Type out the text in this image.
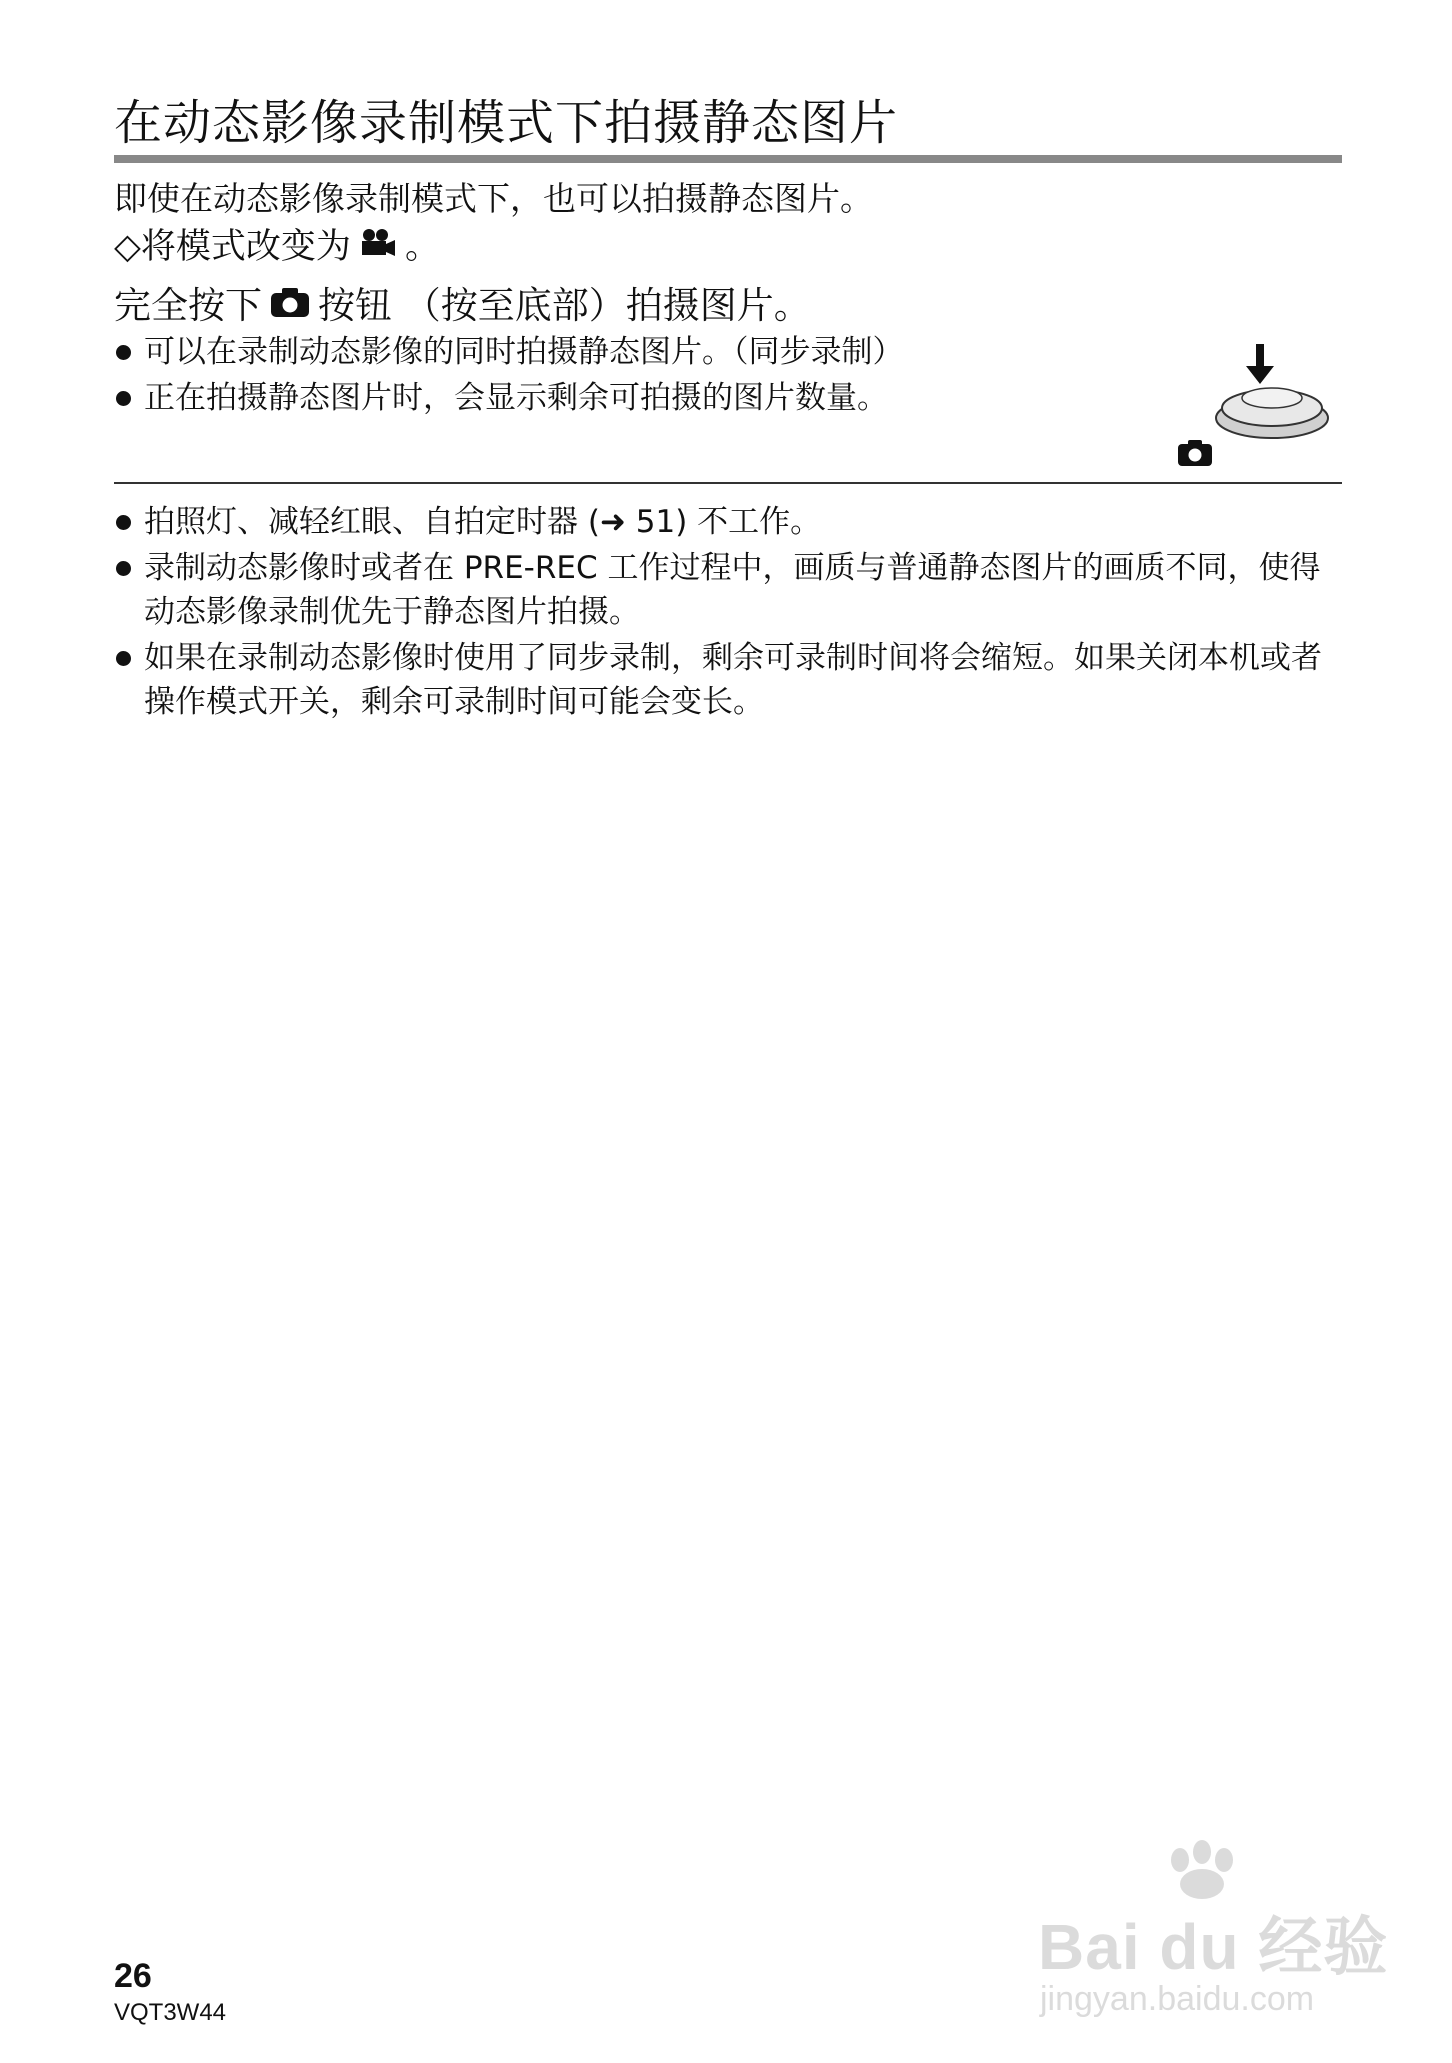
在动态影像录制模式下拍摄静态图片
即使在动态影像录制模式下，也可以拍摄静态图片。
◇ 将模式改变为 。
完全按下 按钮 （按至底部）拍摄图片。
可以在录制动态影像的同时拍摄静态图片。（同步录制）
正在拍摄静态图片时，会显示剩余可拍摄的图片数量。
拍照灯、减轻红眼、自拍定时器 (➜ 51) 不工作。
录制动态影像时或者在 PRE-REC 工作过程中，画质与普通静态图片的画质不同，使得动态影像录制优先于静态图片拍摄。
如果在录制动态影像时使用了同步录制，剩余可录制时间将会缩短。如果关闭本机或者操作模式开关，剩余可录制时间可能会变长。
26
VQT3W44
Bai du 经验
jingyan.baidu.com
